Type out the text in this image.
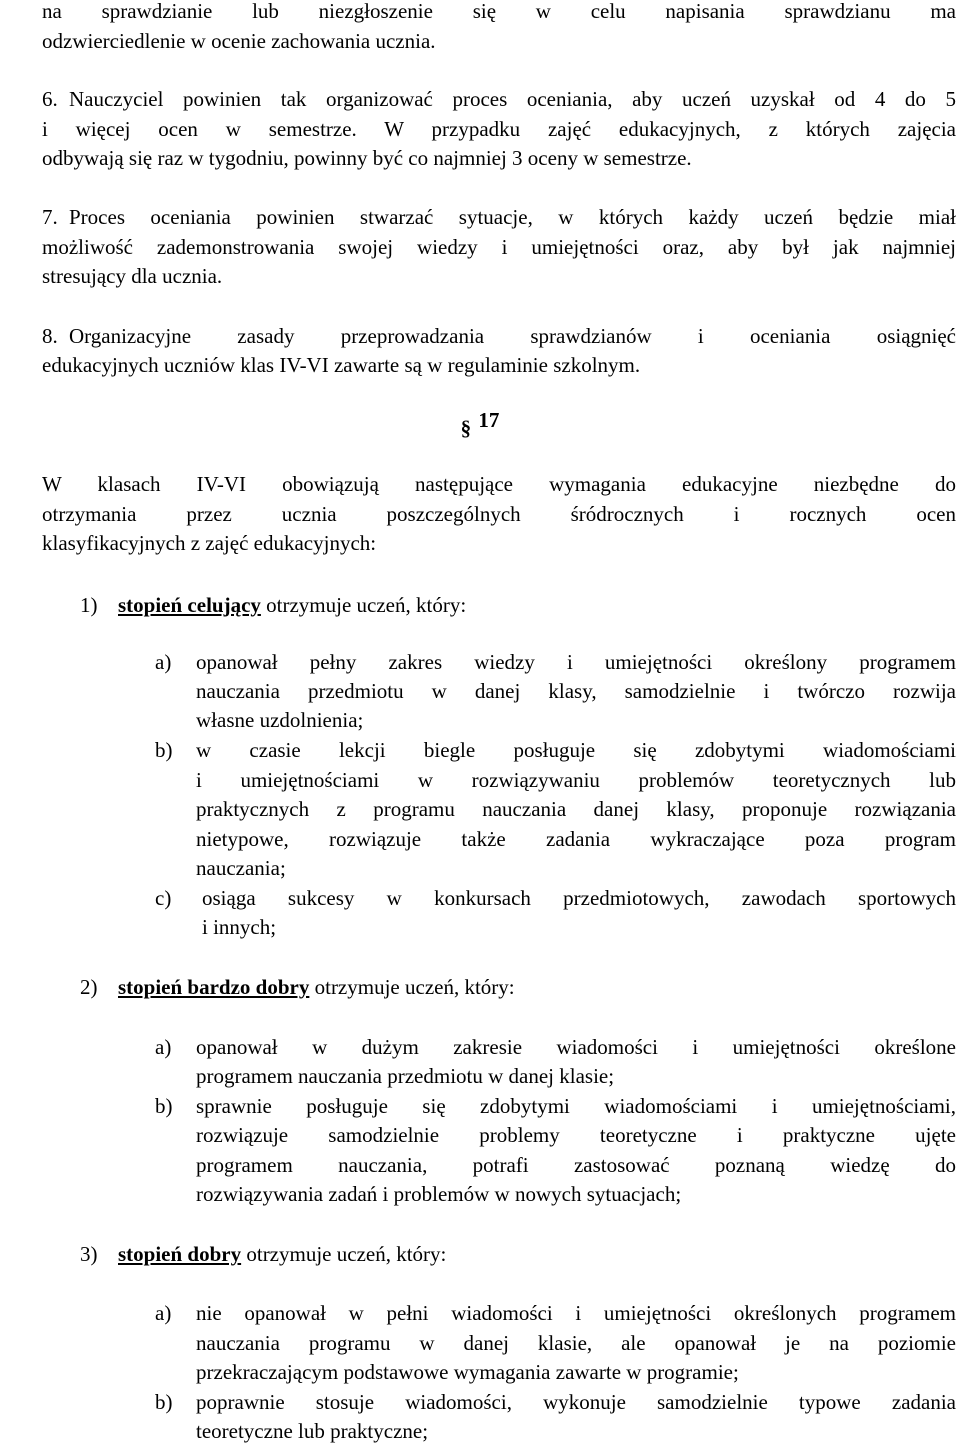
na sprawdzianie lub niezgłoszenie się w celu napisania sprawdzianu ma

odzwierciedlenie w ocenie zachowania ucznia.

6. Nauczyciel powinien tak organizować proces oceniania, aby uczeń uzyskał od 4 do 5

i więcej ocen w semestrze. W przypadku zajęć edukacyjnych, z których zajęcia

odbywają się raz w tygodniu, powinny być co najmniej 3 oceny w semestrze.

7. Proces oceniania powinien stwarzać sytuacje, w których każdy uczeń będzie miał

możliwość zademonstrowania swojej wiedzy i umiejętności oraz, aby był jak najmniej

stresujący dla ucznia.

8. Organizacyjne zasady przeprowadzania sprawdzianów i oceniania osiągnięć

edukacyjnych uczniów klas IV-VI zawarte są w regulaminie szkolnym.

§ 17

W klasach IV-VI obowiązują następujące wymagania edukacyjne niezbędne do

otrzymania przez ucznia poszczególnych śródrocznych i rocznych ocen

klasyfikacyjnych z zajęć edukacyjnych:

1) stopień celujący otrzymuje uczeń, który:

a) opanował pełny zakres wiedzy i umiejętności określony programem

nauczania przedmiotu w danej klasy, samodzielnie i twórczo rozwija

własne uzdolnienia;

b) w czasie lekcji biegle posługuje się zdobytymi wiadomościami

i umiejętnościami w rozwiązywaniu problemów teoretycznych lub

praktycznych z programu nauczania danej klasy, proponuje rozwiązania

nietypowe, rozwiązuje także zadania wykraczające poza program

nauczania;

c) osiąga sukcesy w konkursach przedmiotowych, zawodach sportowych

i innych;

2) stopień bardzo dobry otrzymuje uczeń, który:

a) opanował w dużym zakresie wiadomości i umiejętności określone

programem nauczania przedmiotu w danej klasie;

b) sprawnie posługuje się zdobytymi wiadomościami i umiejętnościami,

rozwiązuje samodzielnie problemy teoretyczne i praktyczne ujęte

programem nauczania, potrafi zastosować poznaną wiedzę do

rozwiązywania zadań i problemów w nowych sytuacjach;

3) stopień dobry otrzymuje uczeń, który:

a) nie opanował w pełni wiadomości i umiejętności określonych programem

nauczania programu w danej klasie, ale opanował je na poziomie

przekraczającym podstawowe wymagania zawarte w programie;

b) poprawnie stosuje wiadomości, wykonuje samodzielnie typowe zadania

teoretyczne lub praktyczne;
